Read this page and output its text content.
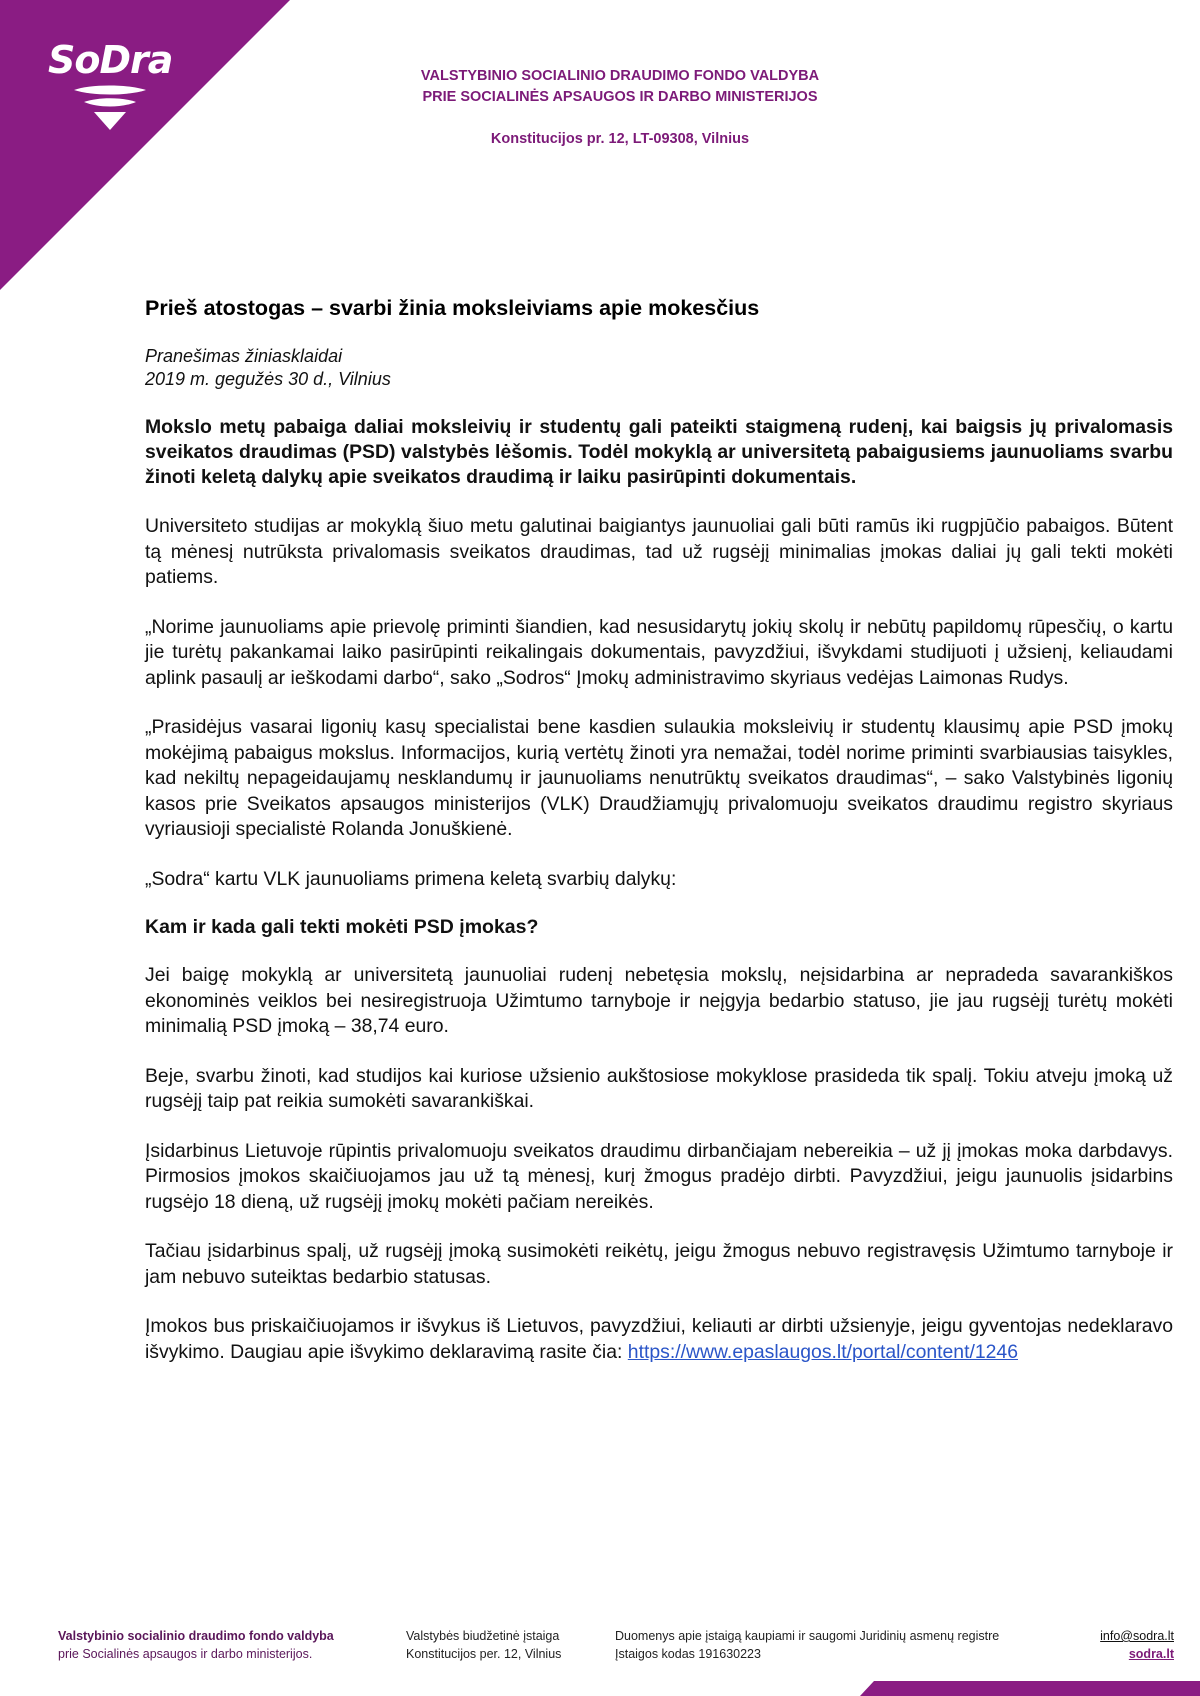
SoDra	VALSTYBINIO SOCIALINIO DRAUDIMO FONDO VALDYBA
PRIE SOCIALINĖS APSAUGOS IR DARBO MINISTERIJOS
Konstitucijos pr. 12, LT-09308, Vilnius
Prieš atostogas – svarbi žinia moksleiviams apie mokesčius
Pranešimas žiniasklaidai
2019 m. gegužės 30 d., Vilnius

Mokslo metų pabaiga daliai moksleivių ir studentų gali pateikti staigmeną rudenį, kai baigsis jų privalomasis sveikatos draudimas (PSD) valstybės lėšomis. Todėl mokyklą ar universitetą pabaigusiems jaunuoliams svarbu žinoti keletą dalykų apie sveikatos draudimą ir laiku pasirūpinti dokumentais.

Universiteto studijas ar mokyklą šiuo metu galutinai baigiantys jaunuoliai gali būti ramūs iki rugpjūčio pabaigos. Būtent tą mėnesį nutrūksta privalomasis sveikatos draudimas, tad už rugsėjį minimalias įmokas daliai jų gali tekti mokėti patiems.

„Norime jaunuoliams apie prievolę priminti šiandien, kad nesusidarytų jokių skolų ir nebūtų papildomų rūpesčių, o kartu jie turėtų pakankamai laiko pasirūpinti reikalingais dokumentais, pavyzdžiui, išvykdami studijuoti į užsienį, keliaudami aplink pasaulį ar ieškodami darbo“, sako „Sodros“ Įmokų administravimo skyriaus vedėjas Laimonas Rudys.

„Prasidėjus vasarai ligonių kasų specialistai bene kasdien sulaukia moksleivių ir studentų klausimų apie PSD įmokų mokėjimą pabaigus mokslus. Informacijos, kurią vertėtų žinoti yra nemažai, todėl norime priminti svarbiausias taisykles, kad nekiltų nepageidaujamų nesklandumų ir jaunuoliams nenutrūktų sveikatos draudimas“, – sako Valstybinės ligonių kasos prie Sveikatos apsaugos ministerijos (VLK) Draudžiamųjų privalomuoju sveikatos draudimu registro skyriaus vyriausioji specialistė Rolanda Jonuškienė.

„Sodra“ kartu VLK jaunuoliams primena keletą svarbių dalykų:

Kam ir kada gali tekti mokėti PSD įmokas?

Jei baigę mokyklą ar universitetą jaunuoliai rudenį nebetęsia mokslų, neįsidarbina ar nepradeda savarankiškos ekonominės veiklos bei nesiregistruoja Užimtumo tarnyboje ir neįgyja bedarbio statuso, jie jau rugsėjį turėtų mokėti minimalią PSD įmoką – 38,74 euro.

Beje, svarbu žinoti, kad studijos kai kuriose užsienio aukštosiose mokyklose prasideda tik spalį. Tokiu atveju įmoką už rugsėjį taip pat reikia sumokėti savarankiškai.

Įsidarbinus Lietuvoje rūpintis privalomuoju sveikatos draudimu dirbančiajam nebereikia – už jį įmokas moka darbdavys. Pirmosios įmokos skaičiuojamos jau už tą mėnesį, kurį žmogus pradėjo dirbti. Pavyzdžiui, jeigu jaunuolis įsidarbins rugsėjo 18 dieną, už rugsėjį įmokų mokėti pačiam nereikės.

Tačiau įsidarbinus spalį, už rugsėjį įmoką susimokėti reikėtų, jeigu žmogus nebuvo registravęsis Užimtumo tarnyboje ir jam nebuvo suteiktas bedarbio statusas.

Įmokos bus priskaičiuojamos ir išvykus iš Lietuvos, pavyzdžiui, keliauti ar dirbti užsienyje, jeigu gyventojas nedeklaravo išvykimo. Daugiau apie išvykimo deklaravimą rasite čia: https://www.epaslaugos.lt/portal/content/1246

Valstybinio socialinio draudimo fondo valdyba
prie Socialinės apsaugos ir darbo ministerijos.
Valstybės biudžetinė įstaiga
Konstitucijos per. 12, Vilnius
Duomenys apie įstaigą kaupiami ir saugomi Juridinių asmenų registre
Įstaigos kodas 191630223
info@sodra.lt
sodra.lt
